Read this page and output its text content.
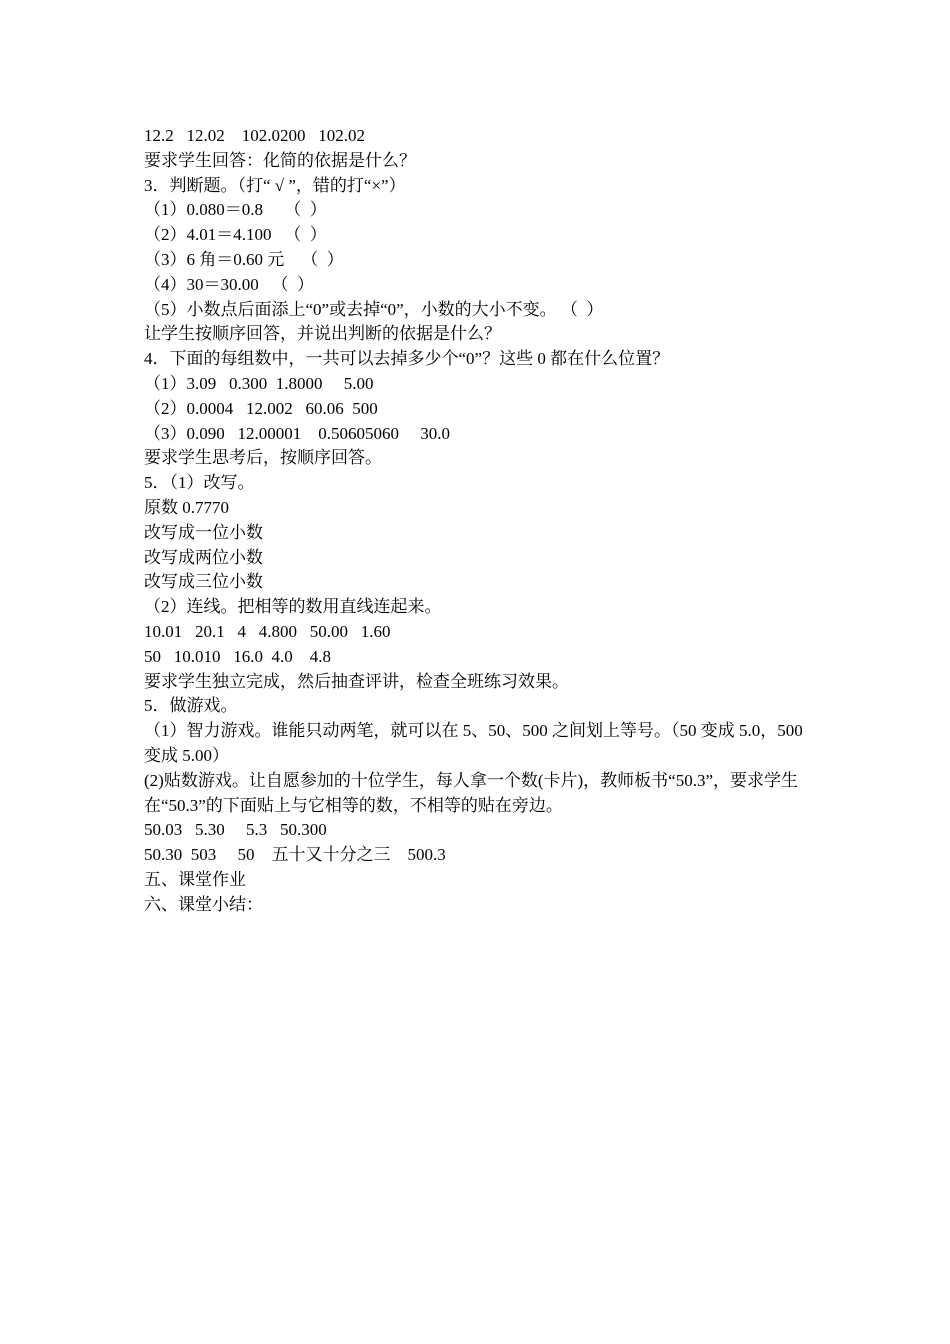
12.2   12.02    102.0200   102.02

要求学生回答：化简的依据是什么？

3．判断题。（打“ √ ”，错的打“×”）

（1）0.080＝0.8     （  ）

（2）4.01＝4.100   （  ）

（3）6 角＝0.60 元    （  ）

（4）30＝30.00   （  ）

（5）小数点后面添上“0”或去掉“0”，小数的大小不变。 （  ）

让学生按顺序回答，并说出判断的依据是什么？

4．下面的每组数中，一共可以去掉多少个“0”？这些 0 都在什么位置？

（1）3.09   0.300  1.8000     5.00

（2）0.0004   12.002   60.06  500

（3）0.090   12.00001    0.50605060     30.0

要求学生思考后，按顺序回答。

5．（1）改写。

原数 0.7770

改写成一位小数

改写成两位小数

改写成三位小数

（2）连线。把相等的数用直线连起来。

10.01   20.1   4   4.800   50.00   1.60

50   10.010   16.0  4.0    4.8

要求学生独立完成，然后抽查评讲，检查全班练习效果。

5．做游戏。

（1）智力游戏。谁能只动两笔，就可以在 5、50、500 之间划上等号。（50 变成 5.0，500 变成 5.00）

(2)贴数游戏。让自愿参加的十位学生，每人拿一个数(卡片)，教师板书“50.3”，要求学生在“50.3”的下面贴上与它相等的数，不相等的贴在旁边。

50.03   5.30     5.3   50.300

50.30  503     50    五十又十分之三    500.3

五、课堂作业

六、课堂小结：
